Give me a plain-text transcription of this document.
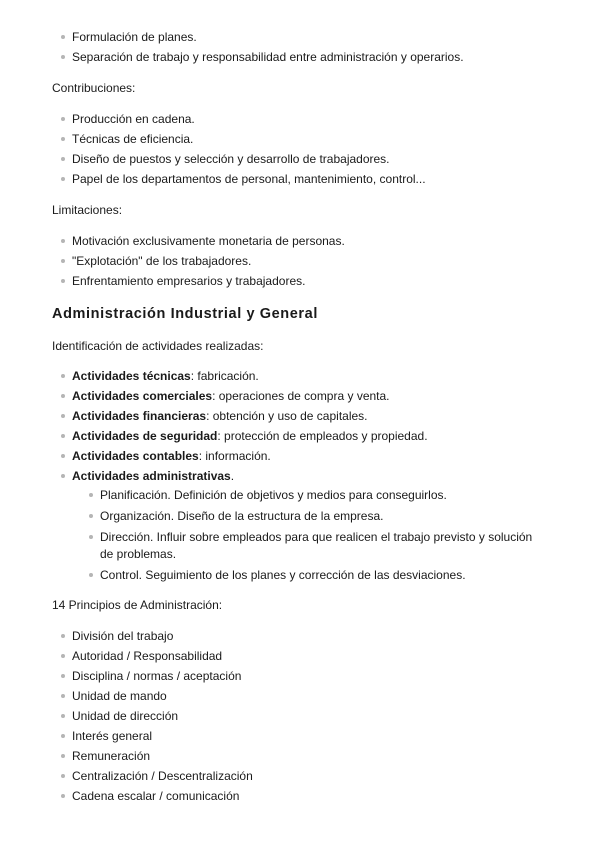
Formulación de planes.
Separación de trabajo y responsabilidad entre administración y operarios.
Contribuciones:
Producción en cadena.
Técnicas de eficiencia.
Diseño de puestos y selección y desarrollo de trabajadores.
Papel de los departamentos de personal, mantenimiento, control...
Limitaciones:
Motivación exclusivamente monetaria de personas.
"Explotación" de los trabajadores.
Enfrentamiento empresarios y trabajadores.
Administración Industrial y General
Identificación de actividades realizadas:
Actividades técnicas: fabricación.
Actividades comerciales: operaciones de compra y venta.
Actividades financieras: obtención y uso de capitales.
Actividades de seguridad: protección de empleados y propiedad.
Actividades contables: información.
Actividades administrativas.
Planificación. Definición de objetivos y medios para conseguirlos.
Organización. Diseño de la estructura de la empresa.
Dirección. Influir sobre empleados para que realicen el trabajo previsto y solución de problemas.
Control. Seguimiento de los planes y corrección de las desviaciones.
14 Principios de Administración:
División del trabajo
Autoridad / Responsabilidad
Disciplina / normas / aceptación
Unidad de mando
Unidad de dirección
Interés general
Remuneración
Centralización / Descentralización
Cadena escalar / comunicación
